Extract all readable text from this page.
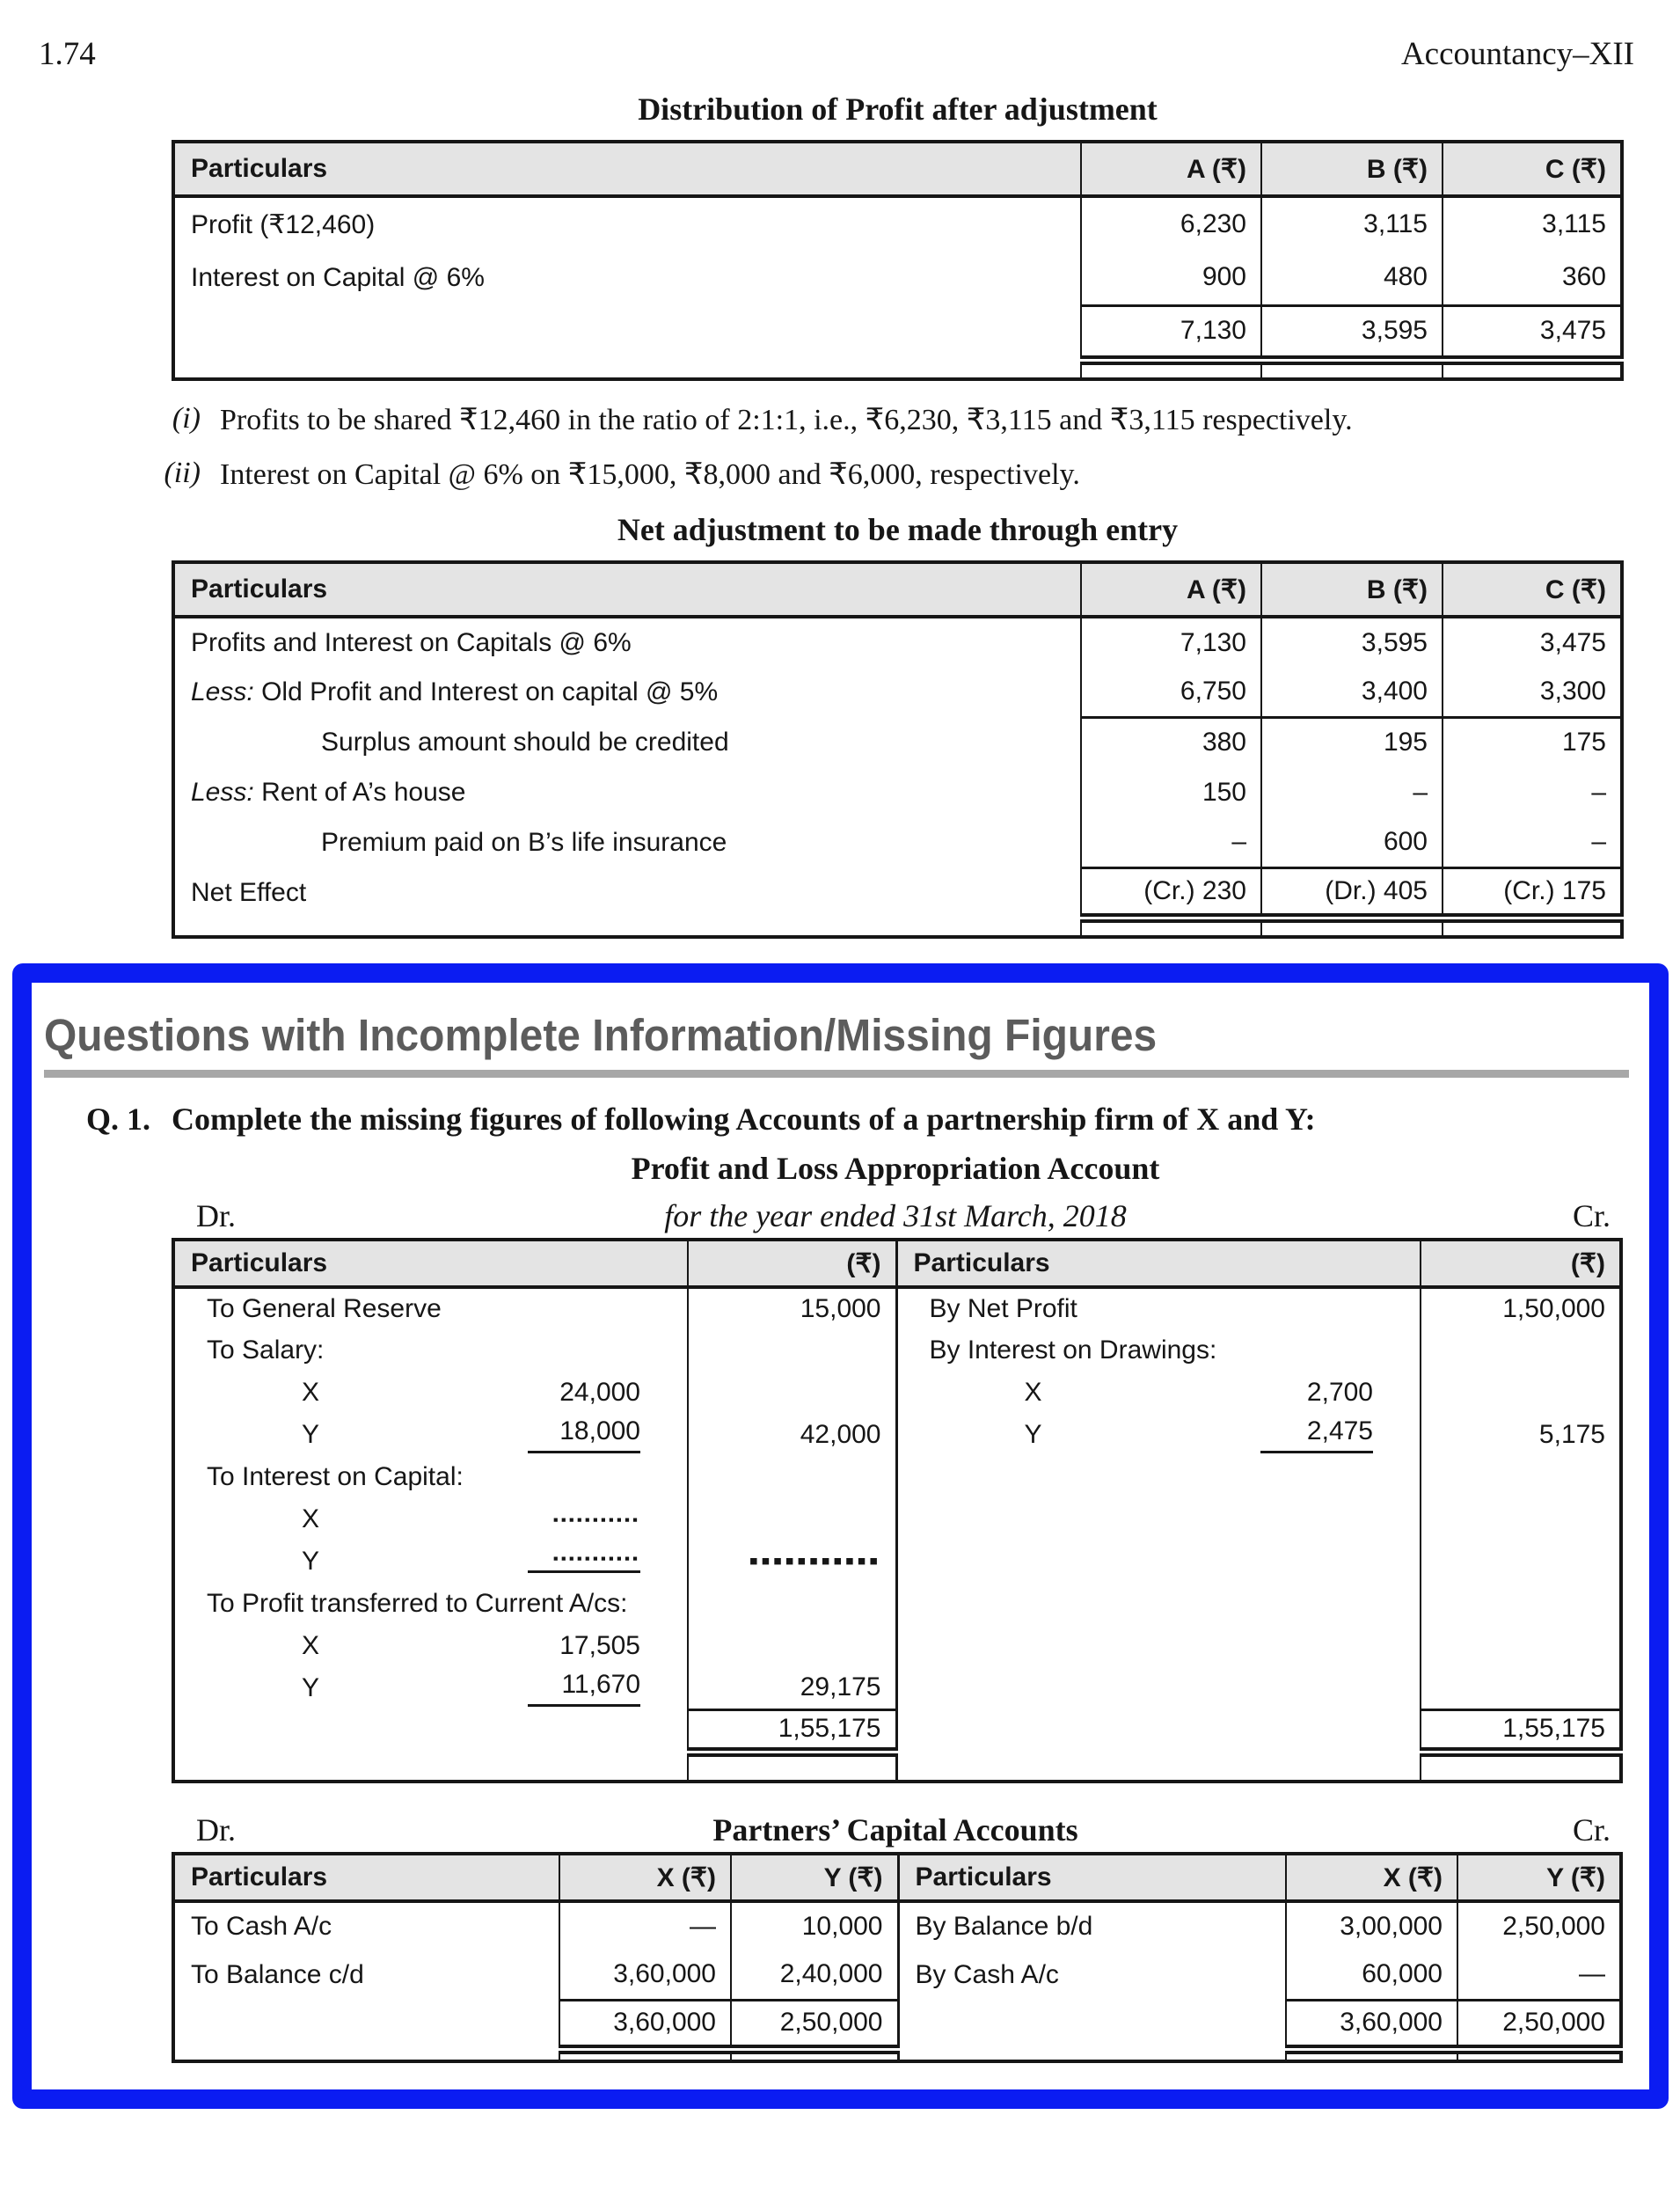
1.74	Accountancy–XII
Distribution of Profit after adjustment
Particulars	A (₹)	B (₹)	C (₹)
Profit (₹12,460)	6,230	3,115	3,115
Interest on Capital @ 6%	900	480	360
	7,130	3,595	3,475

(i) Profits to be shared ₹12,460 in the ratio of 2:1:1, i.e., ₹6,230, ₹3,115 and ₹3,115 respectively.
(ii) Interest on Capital @ 6% on ₹15,000, ₹8,000 and ₹6,000, respectively.
Net adjustment to be made through entry
Particulars	A (₹)	B (₹)	C (₹)
Profits and Interest on Capitals @ 6%	7,130	3,595	3,475
Less: Old Profit and Interest on capital @ 5%	6,750	3,400	3,300
Surplus amount should be credited	380	195	175
Less: Rent of A’s house	150	–	–
Premium paid on B’s life insurance	–	600	–
Net Effect	(Cr.) 230	(Dr.) 405	(Cr.) 175

Questions with Incomplete Information/Missing Figures
Q. 1. Complete the missing figures of following Accounts of a partnership firm of X and Y:
Profit and Loss Appropriation Account
Dr.	for the year ended 31st March, 2018	Cr.
Particulars	(₹)	Particulars	(₹)

To General Reserve	15,000	By Net Profit	1,50,000

To Salary:		By Interest on Drawings:	

X 24,000		X 2,700	

Y 18,000	42,000	Y 2,475	5,175

To Interest on Capital:			

X ▪▪▪▪▪▪▪▪▪▪▪			

Y ▪▪▪▪▪▪▪▪▪▪▪	▪▪▪▪▪▪▪▪▪▪▪		

To Profit transferred to Current A/cs:			

X 17,505			

Y 11,670	29,175		
	1,55,175		1,55,175

Dr.	Partners’ Capital Accounts	Cr.
Particulars	X (₹)	Y (₹)	Particulars	X (₹)	Y (₹)
To Cash A/c	—	10,000	By Balance b/d	3,00,000	2,50,000
To Balance c/d	3,60,000	2,40,000	By Cash A/c	60,000	—
	3,60,000	2,50,000		3,60,000	2,50,000
